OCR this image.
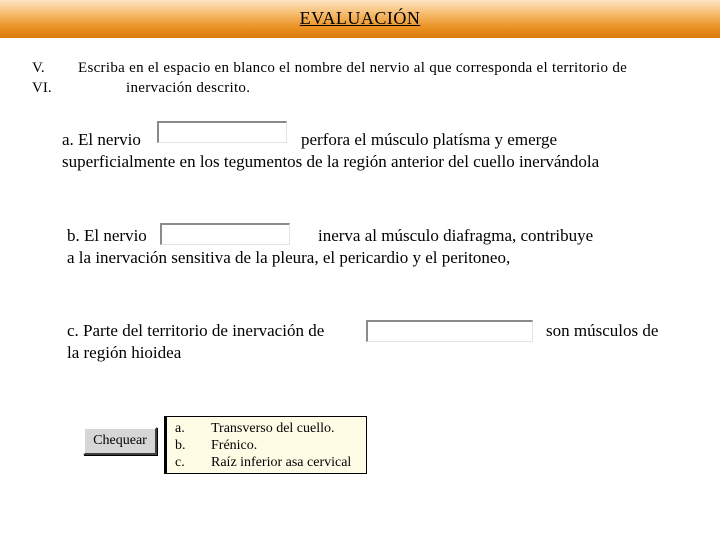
EVALUACIÓN
V.
VI.
Escriba en el espacio en blanco el nombre del nervio al que corresponda el territorio de
inervación descrito.
a. El nervio	perfora el músculo platísma y emerge
superficialmente en los tegumentos de la región anterior del cuello inervándola
b. El nervio	inerva al músculo diafragma, contribuye
a la inervación sensitiva de la pleura, el pericardio y el peritoneo,
c. Parte del territorio de inervación de	son músculos de
la región hioidea
Chequear
a. Transverso del cuello.
b. Frénico.
c. Raíz inferior asa cervical
